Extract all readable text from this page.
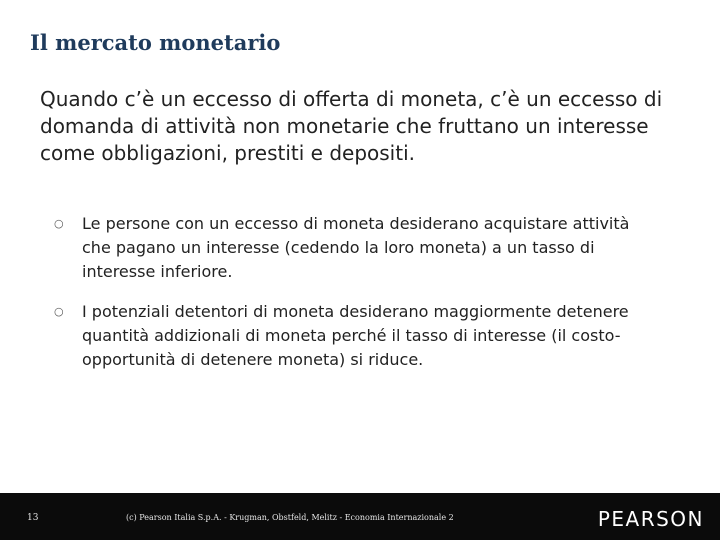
Il mercato monetario
Quando c’è un eccesso di offerta di moneta, c’è un eccesso di domanda di attività non monetarie che fruttano un interesse come obbligazioni, prestiti e depositi.
○	Le persone con un eccesso di moneta desiderano acquistare attività che pagano un interesse (cedendo la loro moneta) a un tasso di interesse inferiore.
○	I potenziali detentori di moneta desiderano maggiormente detenere quantità addizionali di moneta perché il tasso di interesse (il costo-opportunità di detenere moneta) si riduce.
13	(c) Pearson Italia S.p.A. - Krugman, Obstfeld, Melitz - Economia Internazionale 2	PEARSON
